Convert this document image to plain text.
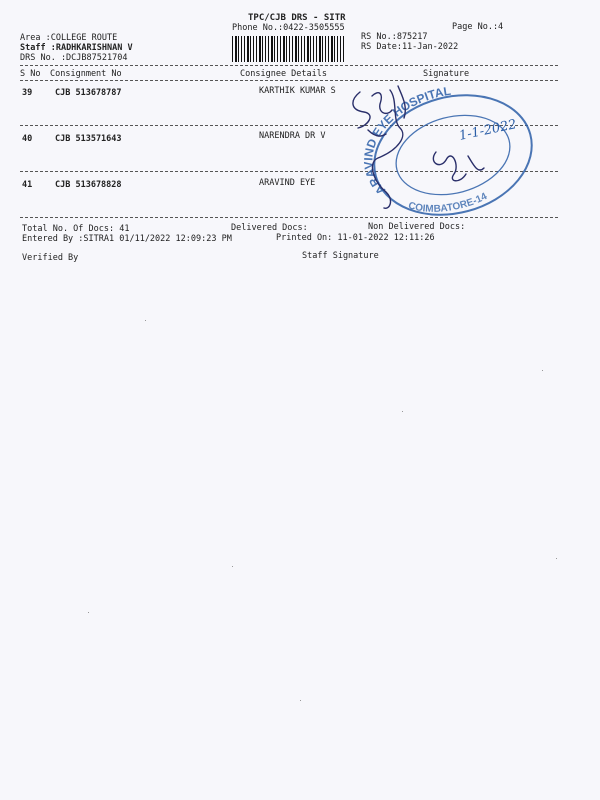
TPC/CJB DRS - SITR
Phone No.:0422-3505555	Page No.:4
Area :COLLEGE ROUTE
Staff :RADHKARISHNAN V
DRS No. :DCJB87521704
RS No.:875217
RS Date:11-Jan-2022
S No Consignment No	Consignee Details	Signature
39	CJB 513678787	KARTHIK KUMAR S
40	CJB 513571643	NARENDRA DR V
41	CJB 513678828	ARAVIND EYE
Total No. Of Docs: 41	Delivered Docs:	Non Delivered Docs:
Entered By :SITRA1 01/11/2022 12:09:23 PM	Printed On: 11-01-2022 12:11:26
Verified By	Staff Signature
ARAVIND EYE HOSPITAL
COIMBATORE-14
1-1-2022
